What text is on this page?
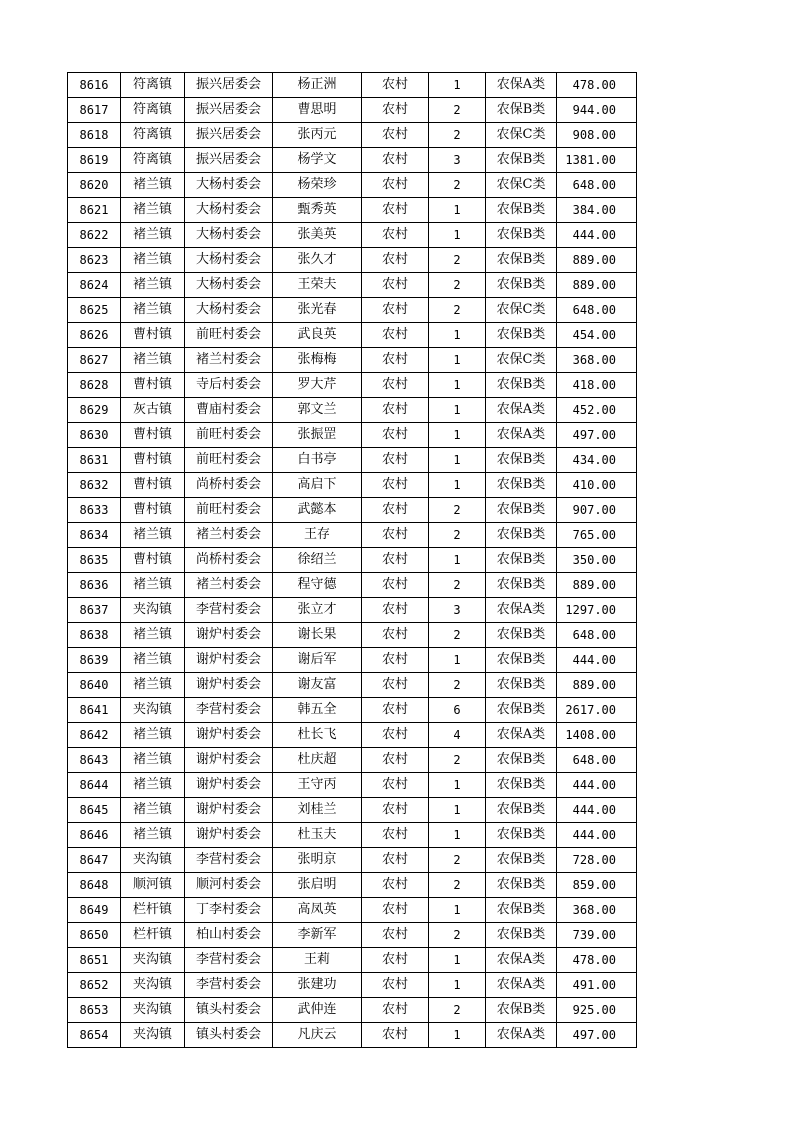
8616	符离镇	振兴居委会	杨正洲	农村	1	农保A类	478.00
8617	符离镇	振兴居委会	曹思明	农村	2	农保B类	944.00
8618	符离镇	振兴居委会	张丙元	农村	2	农保C类	908.00
8619	符离镇	振兴居委会	杨学文	农村	3	农保B类	1381.00
8620	褚兰镇	大杨村委会	杨荣珍	农村	2	农保C类	648.00
8621	褚兰镇	大杨村委会	甄秀英	农村	1	农保B类	384.00
8622	褚兰镇	大杨村委会	张美英	农村	1	农保B类	444.00
8623	褚兰镇	大杨村委会	张久才	农村	2	农保B类	889.00
8624	褚兰镇	大杨村委会	王荣夫	农村	2	农保B类	889.00
8625	褚兰镇	大杨村委会	张光春	农村	2	农保C类	648.00
8626	曹村镇	前旺村委会	武良英	农村	1	农保B类	454.00
8627	褚兰镇	褚兰村委会	张梅梅	农村	1	农保C类	368.00
8628	曹村镇	寺后村委会	罗大芹	农村	1	农保B类	418.00
8629	灰古镇	曹庙村委会	郭文兰	农村	1	农保A类	452.00
8630	曹村镇	前旺村委会	张振罡	农村	1	农保A类	497.00
8631	曹村镇	前旺村委会	白书亭	农村	1	农保B类	434.00
8632	曹村镇	尚桥村委会	高启下	农村	1	农保B类	410.00
8633	曹村镇	前旺村委会	武懿本	农村	2	农保B类	907.00
8634	褚兰镇	褚兰村委会	王存	农村	2	农保B类	765.00
8635	曹村镇	尚桥村委会	徐绍兰	农村	1	农保B类	350.00
8636	褚兰镇	褚兰村委会	程守德	农村	2	农保B类	889.00
8637	夹沟镇	李营村委会	张立才	农村	3	农保A类	1297.00
8638	褚兰镇	谢炉村委会	谢长果	农村	2	农保B类	648.00
8639	褚兰镇	谢炉村委会	谢后军	农村	1	农保B类	444.00
8640	褚兰镇	谢炉村委会	谢友富	农村	2	农保B类	889.00
8641	夹沟镇	李营村委会	韩五全	农村	6	农保B类	2617.00
8642	褚兰镇	谢炉村委会	杜长飞	农村	4	农保A类	1408.00
8643	褚兰镇	谢炉村委会	杜庆超	农村	2	农保B类	648.00
8644	褚兰镇	谢炉村委会	王守丙	农村	1	农保B类	444.00
8645	褚兰镇	谢炉村委会	刘桂兰	农村	1	农保B类	444.00
8646	褚兰镇	谢炉村委会	杜玉夫	农村	1	农保B类	444.00
8647	夹沟镇	李营村委会	张明京	农村	2	农保B类	728.00
8648	顺河镇	顺河村委会	张启明	农村	2	农保B类	859.00
8649	栏杆镇	丁李村委会	高凤英	农村	1	农保B类	368.00
8650	栏杆镇	柏山村委会	李新军	农村	2	农保B类	739.00
8651	夹沟镇	李营村委会	王莉	农村	1	农保A类	478.00
8652	夹沟镇	李营村委会	张建功	农村	1	农保A类	491.00
8653	夹沟镇	镇头村委会	武仲连	农村	2	农保B类	925.00
8654	夹沟镇	镇头村委会	凡庆云	农村	1	农保A类	497.00
